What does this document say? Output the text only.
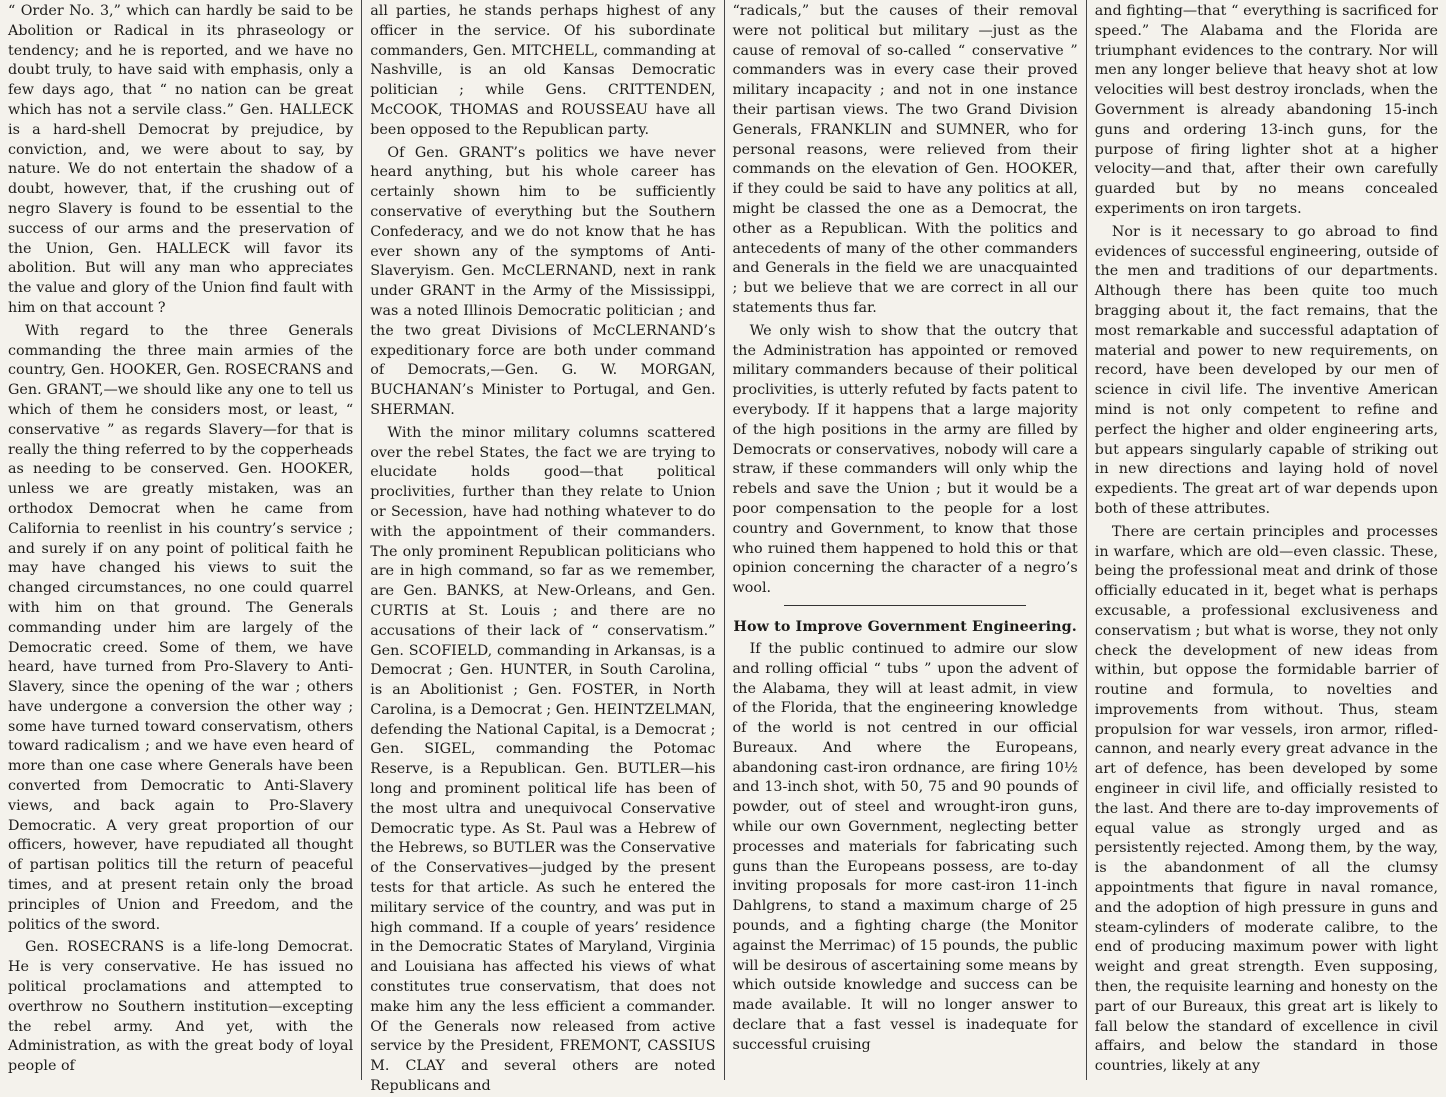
“ Order No. 3,” which can hardly be said to be Abolition or Radical in its phraseology or tendency; and he is reported, and we have no doubt truly, to have said with emphasis, only a few days ago, that “ no nation can be great which has not a servile class.” Gen. HALLECK is a hard-shell Democrat by prejudice, by conviction, and, we were about to say, by nature. We do not entertain the shadow of a doubt, however, that, if the crushing out of negro Slavery is found to be essential to the success of our arms and the preservation of the Union, Gen. HALLECK will favor its abolition. But will any man who appreciates the value and glory of the Union find fault with him on that account ?

With regard to the three Generals commanding the three main armies of the country, Gen. HOOKER, Gen. ROSECRANS and Gen. GRANT,—we should like any one to tell us which of them he considers most, or least, “ conservative ” as regards Slavery—for that is really the thing referred to by the copperheads as needing to be conserved. Gen. HOOKER, unless we are greatly mistaken, was an orthodox Democrat when he came from California to reenlist in his country’s service ; and surely if on any point of political faith he may have changed his views to suit the changed circumstances, no one could quarrel with him on that ground. The Generals commanding under him are largely of the Democratic creed. Some of them, we have heard, have turned from Pro-Slavery to Anti-Slavery, since the opening of the war ; others have undergone a conversion the other way ; some have turned toward conservatism, others toward radicalism ; and we have even heard of more than one case where Generals have been converted from Democratic to Anti-Slavery views, and back again to Pro-Slavery Democratic. A very great proportion of our officers, however, have repudiated all thought of partisan politics till the return of peaceful times, and at present retain only the broad principles of Union and Freedom, and the politics of the sword.

Gen. ROSECRANS is a life-long Democrat. He is very conservative. He has issued no political proclamations and attempted to overthrow no Southern institution—excepting the rebel army. And yet, with the Administration, as with the great body of loyal people of

all parties, he stands perhaps highest of any officer in the service. Of his subordinate commanders, Gen. MITCHELL, commanding at Nashville, is an old Kansas Democratic politician ; while Gens. CRITTENDEN, McCOOK, THOMAS and ROUSSEAU have all been opposed to the Republican party.

Of Gen. GRANT’s politics we have never heard anything, but his whole career has certainly shown him to be sufficiently conservative of everything but the Southern Confederacy, and we do not know that he has ever shown any of the symptoms of Anti-Slaveryism. Gen. McCLERNAND, next in rank under GRANT in the Army of the Mississippi, was a noted Illinois Democratic politician ; and the two great Divisions of McCLERNAND’s expeditionary force are both under command of Democrats,—Gen. G. W. MORGAN, BUCHANAN’s Minister to Portugal, and Gen. SHERMAN.

With the minor military columns scattered over the rebel States, the fact we are trying to elucidate holds good—that political proclivities, further than they relate to Union or Secession, have had nothing whatever to do with the appointment of their commanders. The only prominent Republican politicians who are in high command, so far as we remember, are Gen. BANKS, at New-Orleans, and Gen. CURTIS at St. Louis ; and there are no accusations of their lack of “ conservatism.” Gen. SCOFIELD, commanding in Arkansas, is a Democrat ; Gen. HUNTER, in South Carolina, is an Abolitionist ; Gen. FOSTER, in North Carolina, is a Democrat ; Gen. HEINTZELMAN, defending the National Capital, is a Democrat ; Gen. SIGEL, commanding the Potomac Reserve, is a Republican. Gen. BUTLER—his long and prominent political life has been of the most ultra and unequivocal Conservative Democratic type. As St. Paul was a Hebrew of the Hebrews, so BUTLER was the Conservative of the Conservatives—judged by the present tests for that article. As such he entered the military service of the country, and was put in high command. If a couple of years’ residence in the Democratic States of Maryland, Virginia and Louisiana has affected his views of what constitutes true conservatism, that does not make him any the less efficient a commander. Of the Generals now released from active service by the President, FREMONT, CASSIUS M. CLAY and several others are noted Republicans and

“radicals,” but the causes of their removal were not political but military —just as the cause of removal of so-called “ conservative ” commanders was in every case their proved military incapacity ; and not in one instance their partisan views. The two Grand Division Generals, FRANKLIN and SUMNER, who for personal reasons, were relieved from their commands on the elevation of Gen. HOOKER, if they could be said to have any politics at all, might be classed the one as a Democrat, the other as a Republican. With the politics and antecedents of many of the other commanders and Generals in the field we are unacquainted ; but we believe that we are correct in all our statements thus far.

We only wish to show that the outcry that the Administration has appointed or removed military commanders because of their political proclivities, is utterly refuted by facts patent to everybody. If it happens that a large majority of the high positions in the army are filled by Democrats or conservatives, nobody will care a straw, if these commanders will only whip the rebels and save the Union ; but it would be a poor compensation to the people for a lost country and Government, to know that those who ruined them happened to hold this or that opinion concerning the character of a negro’s wool.

How to Improve Government Engineering.

If the public continued to admire our slow and rolling official “ tubs ” upon the advent of the Alabama, they will at least admit, in view of the Florida, that the engineering knowledge of the world is not centred in our official Bureaux. And where the Europeans, abandoning cast-iron ordnance, are firing 10½ and 13-inch shot, with 50, 75 and 90 pounds of powder, out of steel and wrought-iron guns, while our own Government, neglecting better processes and materials for fabricating such guns than the Europeans possess, are to-day inviting proposals for more cast-iron 11-inch Dahlgrens, to stand a maximum charge of 25 pounds, and a fighting charge (the Monitor against the Merrimac) of 15 pounds, the public will be desirous of ascertaining some means by which outside knowledge and success can be made available. It will no longer answer to declare that a fast vessel is inadequate for successful cruising

and fighting—that “ everything is sacrificed for speed.” The Alabama and the Florida are triumphant evidences to the contrary. Nor will men any longer believe that heavy shot at low velocities will best destroy ironclads, when the Government is already abandoning 15-inch guns and ordering 13-inch guns, for the purpose of firing lighter shot at a higher velocity—and that, after their own carefully guarded but by no means concealed experiments on iron targets.

Nor is it necessary to go abroad to find evidences of successful engineering, outside of the men and traditions of our departments. Although there has been quite too much bragging about it, the fact remains, that the most remarkable and successful adaptation of material and power to new requirements, on record, have been developed by our men of science in civil life. The inventive American mind is not only competent to refine and perfect the higher and older engineering arts, but appears singularly capable of striking out in new directions and laying hold of novel expedients. The great art of war depends upon both of these attributes.

There are certain principles and processes in warfare, which are old—even classic. These, being the professional meat and drink of those officially educated in it, beget what is perhaps excusable, a professional exclusiveness and conservatism ; but what is worse, they not only check the development of new ideas from within, but oppose the formidable barrier of routine and formula, to novelties and improvements from without. Thus, steam propulsion for war vessels, iron armor, rifled-cannon, and nearly every great advance in the art of defence, has been developed by some engineer in civil life, and officially resisted to the last. And there are to-day improvements of equal value as strongly urged and as persistently rejected. Among them, by the way, is the abandonment of all the clumsy appointments that figure in naval romance, and the adoption of high pressure in guns and steam-cylinders of moderate calibre, to the end of producing maximum power with light weight and great strength. Even supposing, then, the requisite learning and honesty on the part of our Bureaux, this great art is likely to fall below the standard of excellence in civil affairs, and below the standard in those countries, likely at any
